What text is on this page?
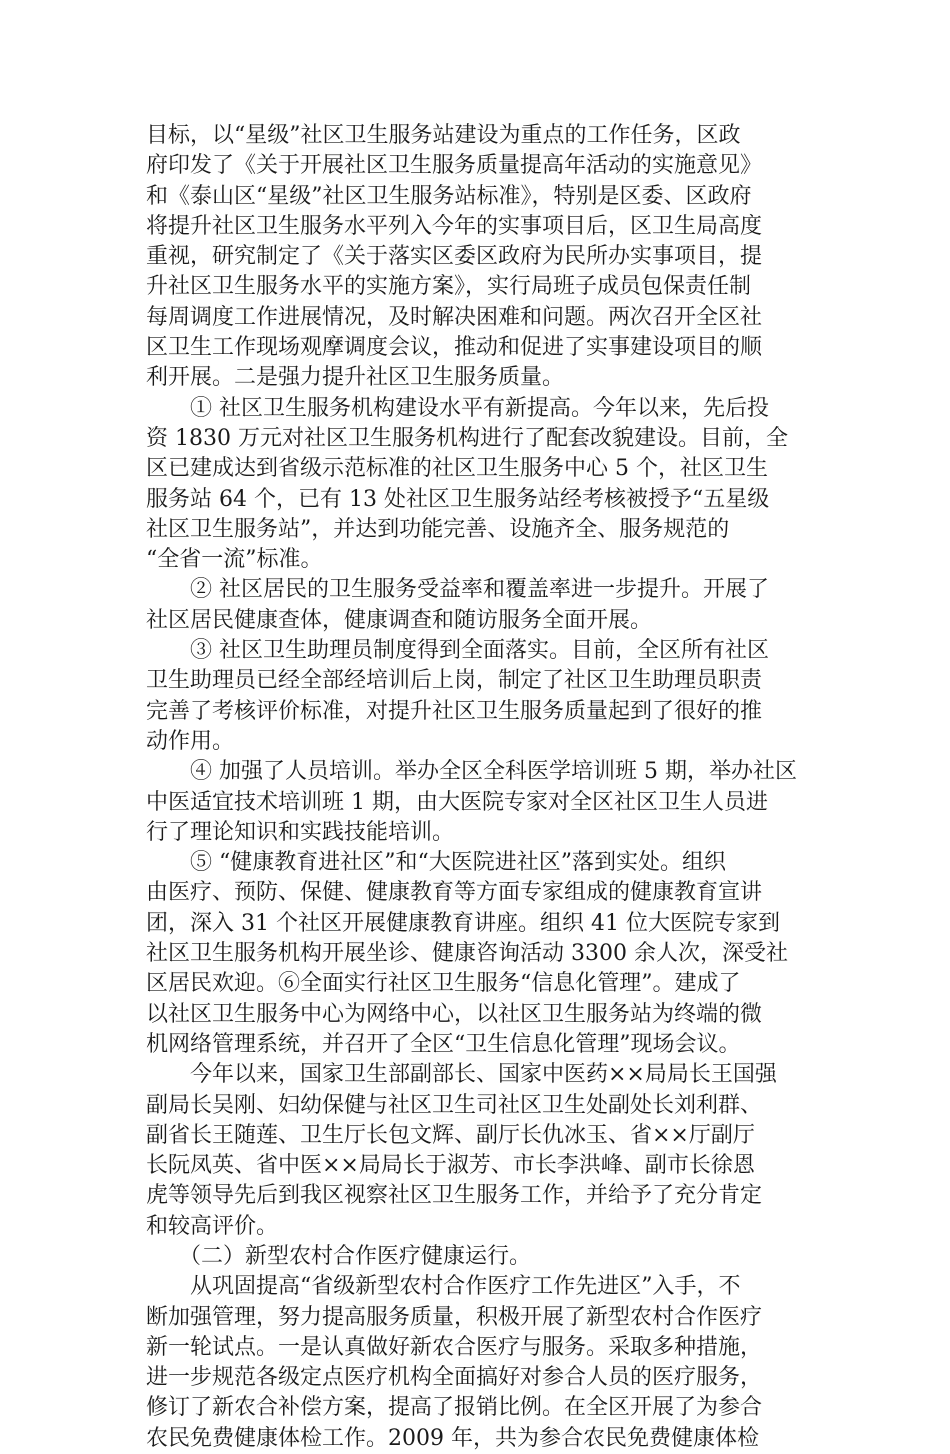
目标，以“星级”社区卫生服务站建设为重点的工作任务，区政
府印发了《关于开展社区卫生服务质量提高年活动的实施意见》
和《泰山区“星级”社区卫生服务站标准》，特别是区委、区政府
将提升社区卫生服务水平列入今年的实事项目后，区卫生局高度
重视，研究制定了《关于落实区委区政府为民所办实事项目，提
升社区卫生服务水平的实施方案》，实行局班子成员包保责任制
每周调度工作进展情况，及时解决困难和问题。两次召开全区社
区卫生工作现场观摩调度会议，推动和促进了实事建设项目的顺
利开展。二是强力提升社区卫生服务质量。
　　① 社区卫生服务机构建设水平有新提高。今年以来，先后投
资 1830 万元对社区卫生服务机构进行了配套改貌建设。目前，全
区已建成达到省级示范标准的社区卫生服务中心 5 个，社区卫生
服务站 64 个，已有 13 处社区卫生服务站经考核被授予“五星级
社区卫生服务站”，并达到功能完善、设施齐全、服务规范的
“全省一流”标准。
　　② 社区居民的卫生服务受益率和覆盖率进一步提升。开展了
社区居民健康查体，健康调查和随访服务全面开展。
　　③ 社区卫生助理员制度得到全面落实。目前，全区所有社区
卫生助理员已经全部经培训后上岗，制定了社区卫生助理员职责
完善了考核评价标准，对提升社区卫生服务质量起到了很好的推
动作用。
　　④ 加强了人员培训。举办全区全科医学培训班 5 期，举办社区
中医适宜技术培训班 1 期，由大医院专家对全区社区卫生人员进
行了理论知识和实践技能培训。
　　⑤ “健康教育进社区”和“大医院进社区”落到实处。组织
由医疗、预防、保健、健康教育等方面专家组成的健康教育宣讲
团，深入 31 个社区开展健康教育讲座。组织 41 位大医院专家到
社区卫生服务机构开展坐诊、健康咨询活动 3300 余人次，深受社
区居民欢迎。⑥全面实行社区卫生服务“信息化管理”。建成了
以社区卫生服务中心为网络中心，以社区卫生服务站为终端的微
机网络管理系统，并召开了全区“卫生信息化管理”现场会议。
　　今年以来，国家卫生部副部长、国家中医药××局局长王国强
副局长吴刚、妇幼保健与社区卫生司社区卫生处副处长刘利群、
副省长王随莲、卫生厅长包文辉、副厅长仇冰玉、省××厅副厅
长阮凤英、省中医××局局长于淑芳、市长李洪峰、副市长徐恩
虎等领导先后到我区视察社区卫生服务工作，并给予了充分肯定
和较高评价。
　　（二）新型农村合作医疗健康运行。
　　从巩固提高“省级新型农村合作医疗工作先进区”入手，不
断加强管理，努力提高服务质量，积极开展了新型农村合作医疗
新一轮试点。一是认真做好新农合医疗与服务。采取多种措施，
进一步规范各级定点医疗机构全面搞好对参合人员的医疗服务，
修订了新农合补偿方案，提高了报销比例。在全区开展了为参合
农民免费健康体检工作。2009 年，共为参合农民免费健康体检
